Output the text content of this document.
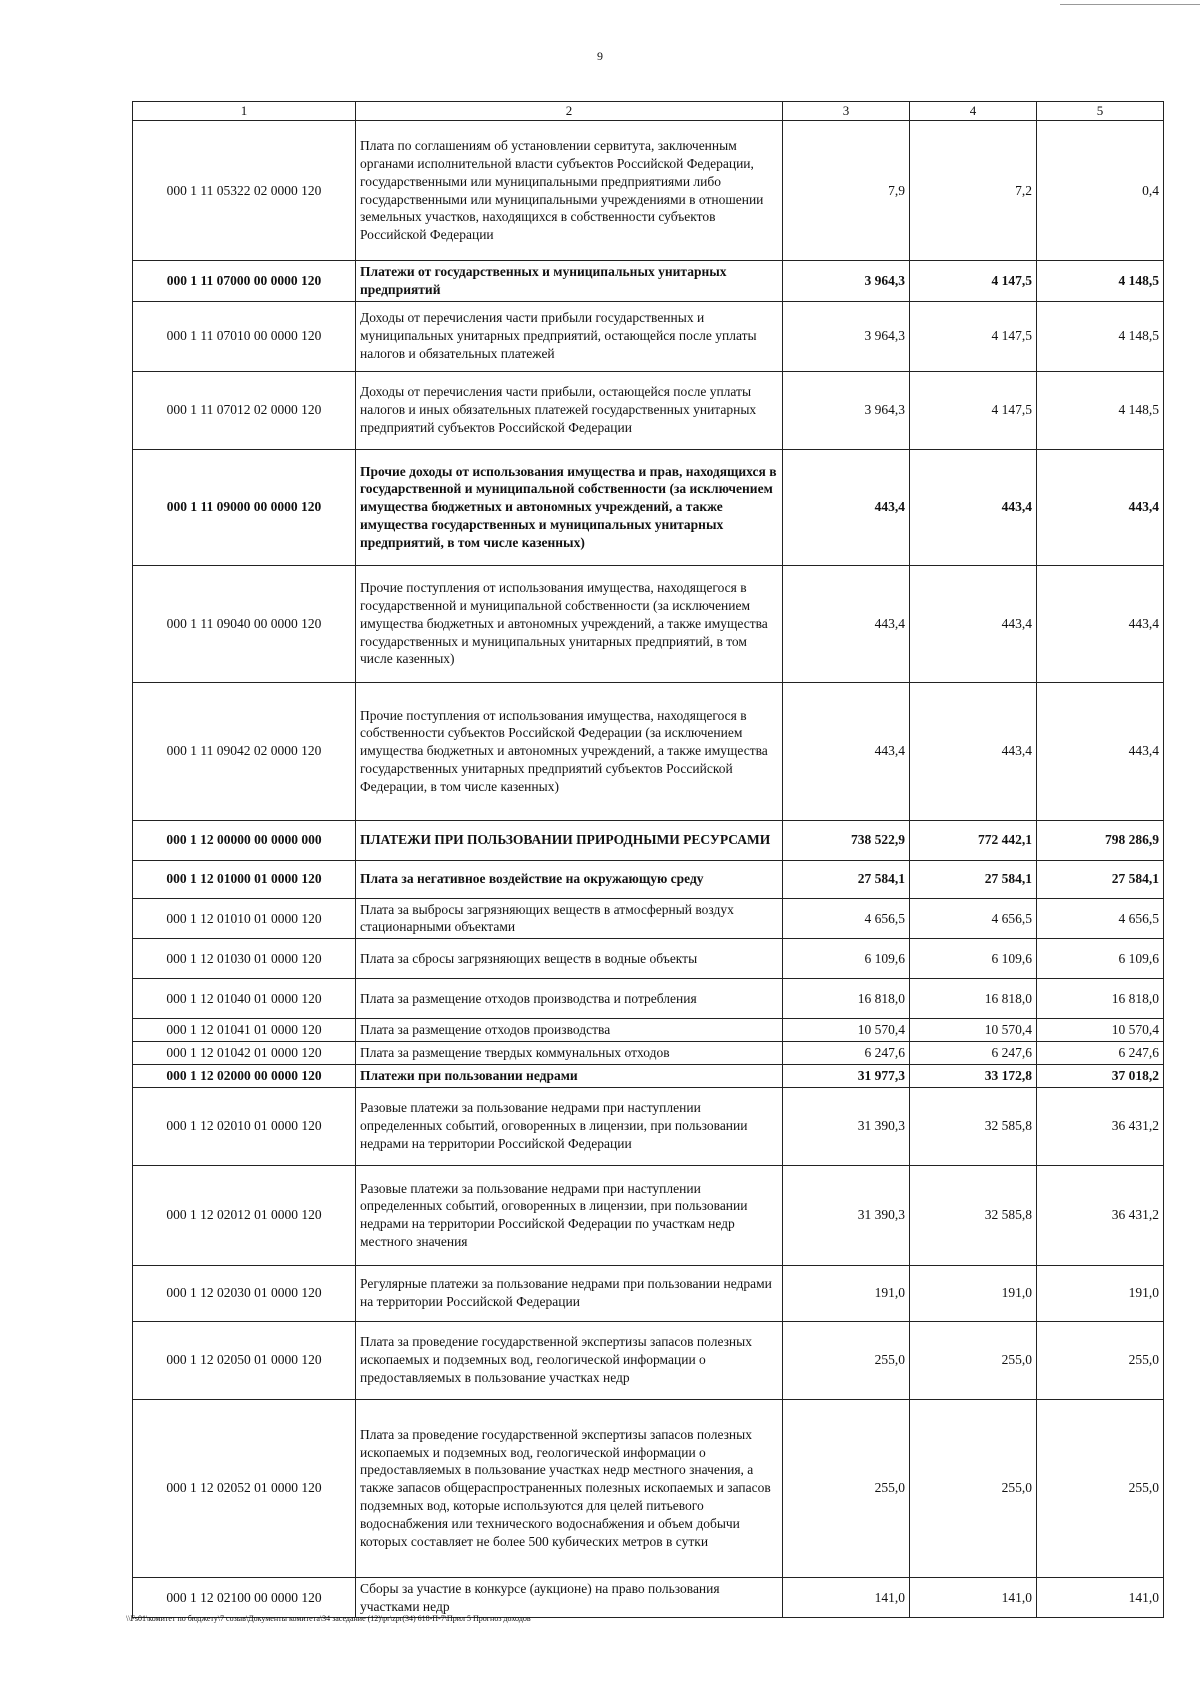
9
1	2	3	4	5
000 1 11 05322 02 0000 120	Плата по соглашениям об установлении сервитута, заключенным органами исполнительной власти субъектов Российской Федерации, государственными или муниципальными предприятиями либо государственными или муниципальными учреждениями в отношении земельных участков, находящихся в собственности субъектов Российской Федерации	7,9	7,2	0,4
000 1 11 07000 00 0000 120	Платежи от государственных и муниципальных унитарных предприятий	3 964,3	4 147,5	4 148,5
000 1 11 07010 00 0000 120	Доходы от перечисления части прибыли государственных и муниципальных унитарных предприятий, остающейся после уплаты налогов и обязательных платежей	3 964,3	4 147,5	4 148,5
000 1 11 07012 02 0000 120	Доходы от перечисления части прибыли, остающейся после уплаты налогов и иных обязательных платежей государственных унитарных предприятий субъектов Российской Федерации	3 964,3	4 147,5	4 148,5
000 1 11 09000 00 0000 120	Прочие доходы от использования имущества и прав, находящихся в государственной и муниципальной собственности (за исключением имущества бюджетных и автономных учреждений, а также имущества государственных и муниципальных унитарных предприятий, в том числе казенных)	443,4	443,4	443,4
000 1 11 09040 00 0000 120	Прочие поступления от использования имущества, находящегося в государственной и муниципальной собственности (за исключением имущества бюджетных и автономных учреждений, а также имущества государственных и муниципальных унитарных предприятий, в том числе казенных)	443,4	443,4	443,4
000 1 11 09042 02 0000 120	Прочие поступления от использования имущества, находящегося в собственности субъектов Российской Федерации (за исключением имущества бюджетных и автономных учреждений, а также имущества государственных унитарных предприятий субъектов Российской Федерации, в том числе казенных)	443,4	443,4	443,4
000 1 12 00000 00 0000 000	ПЛАТЕЖИ ПРИ ПОЛЬЗОВАНИИ ПРИРОДНЫМИ РЕСУРСАМИ	738 522,9	772 442,1	798 286,9
000 1 12 01000 01 0000 120	Плата за негативное воздействие на окружающую среду	27 584,1	27 584,1	27 584,1
000 1 12 01010 01 0000 120	Плата за выбросы загрязняющих веществ в атмосферный воздух стационарными объектами	4 656,5	4 656,5	4 656,5
000 1 12 01030 01 0000 120	Плата за сбросы загрязняющих веществ в водные объекты	6 109,6	6 109,6	6 109,6
000 1 12 01040 01 0000 120	Плата за размещение отходов производства и потребления	16 818,0	16 818,0	16 818,0
000 1 12 01041 01 0000 120	Плата за размещение отходов производства	10 570,4	10 570,4	10 570,4
000 1 12 01042 01 0000 120	Плата за размещение твердых коммунальных отходов	6 247,6	6 247,6	6 247,6
000 1 12 02000 00 0000 120	Платежи при пользовании недрами	31 977,3	33 172,8	37 018,2
000 1 12 02010 01 0000 120	Разовые платежи за пользование недрами при наступлении определенных событий, оговоренных в лицензии, при пользовании недрами на территории Российской Федерации	31 390,3	32 585,8	36 431,2
000 1 12 02012 01 0000 120	Разовые платежи за пользование недрами при наступлении определенных событий, оговоренных в лицензии, при пользовании недрами на территории Российской Федерации по участкам недр местного значения	31 390,3	32 585,8	36 431,2
000 1 12 02030 01 0000 120	Регулярные платежи за пользование недрами при пользовании недрами на территории Российской Федерации	191,0	191,0	191,0
000 1 12 02050 01 0000 120	Плата за проведение государственной экспертизы запасов полезных ископаемых и подземных вод, геологической информации о предоставляемых в пользование участках недр	255,0	255,0	255,0
000 1 12 02052 01 0000 120	Плата за проведение государственной экспертизы запасов полезных ископаемых и подземных вод, геологической информации о предоставляемых в пользование участках недр местного значения, а также запасов общераспространенных полезных ископаемых и запасов подземных вод, которые используются для целей питьевого водоснабжения или технического водоснабжения и объем добычи которых составляет не более 500 кубических метров в сутки	255,0	255,0	255,0
000 1 12 02100 00 0000 120	Сборы за участие в конкурсе (аукционе) на право пользования участками недр	141,0	141,0	141,0
\\Fs01\комитет по бюджету\7 созыв\Документы комитета\34 заседание (12)\pr\zpr(34) 618-П-7\Прил 5 Прогноз доходов
